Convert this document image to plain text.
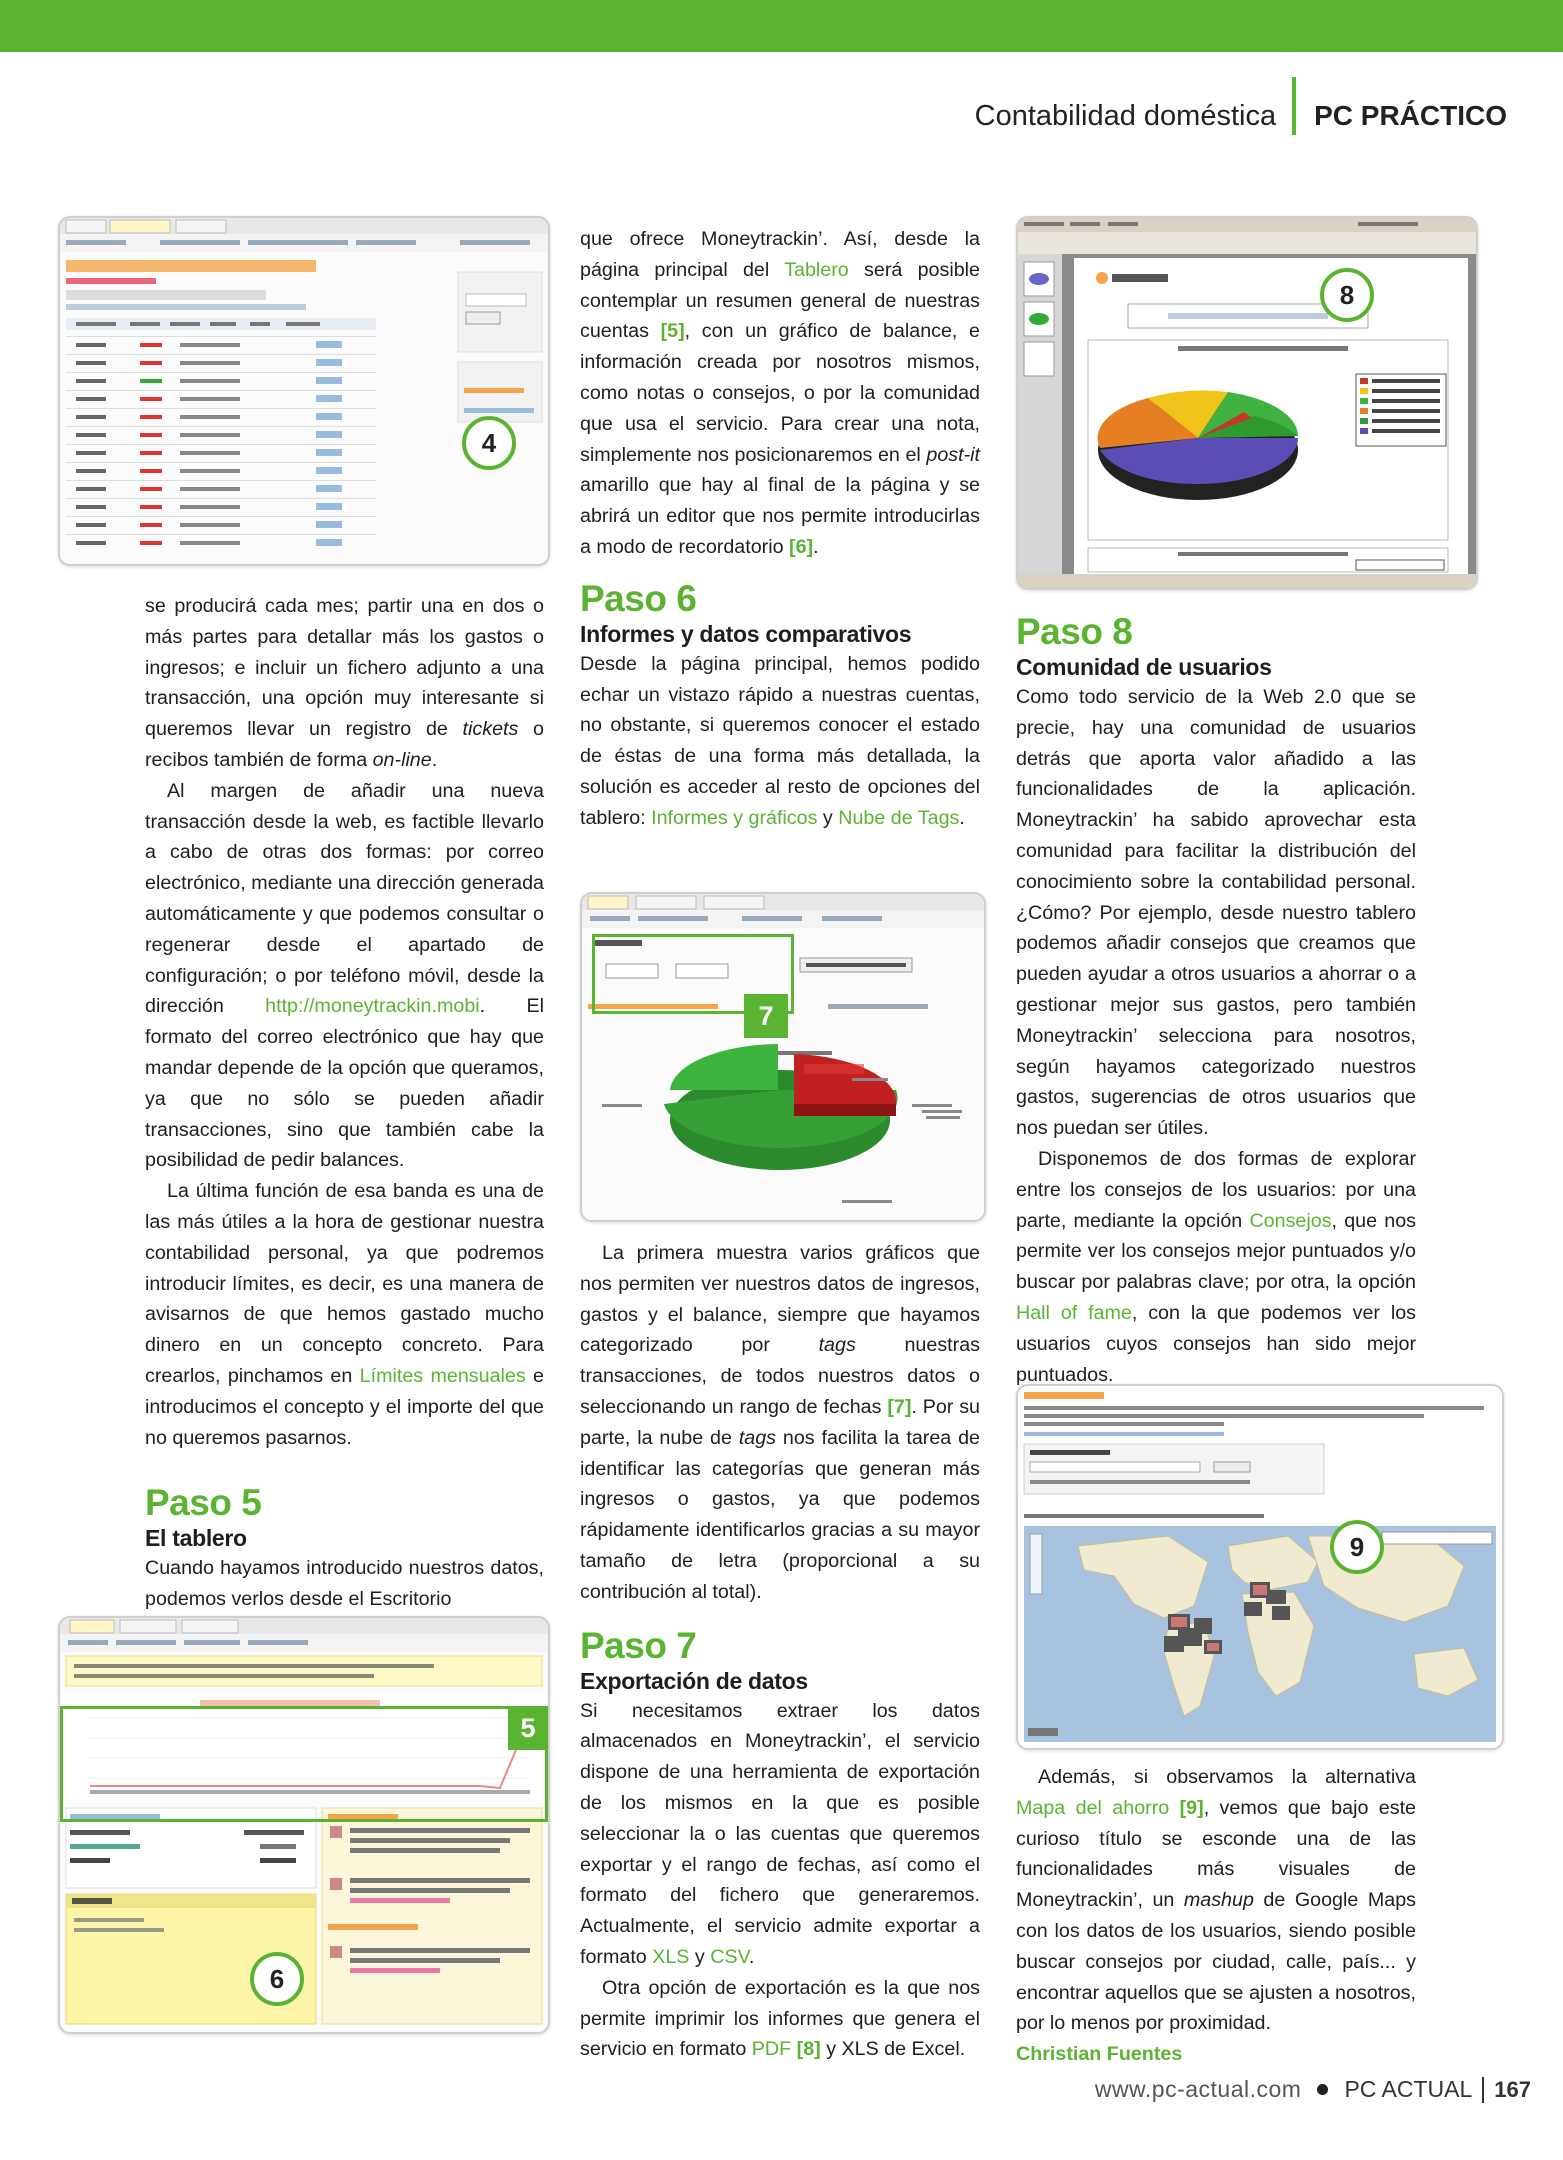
Contabilidad doméstica PC PRÁCTICO
4
5
6
7
8
9

se producirá cada mes; partir una en dos o más partes para detallar más los gastos o ingresos; e incluir un fichero adjunto a una transacción, una opción muy interesante si queremos llevar un registro de tickets o recibos también de forma on-line.

Al margen de añadir una nueva transacción desde la web, es factible llevarlo a cabo de otras dos formas: por correo electrónico, mediante una dirección generada automáticamente y que podemos consultar o regenerar desde el apartado de configuración; o por teléfono móvil, desde la dirección http://moneytrackin.mobi. El formato del correo electrónico que hay que mandar depende de la opción que queramos, ya que no sólo se pueden añadir transacciones, sino que también cabe la posibilidad de pedir balances.

La última función de esa banda es una de las más útiles a la hora de gestionar nuestra contabilidad personal, ya que podremos introducir límites, es decir, es una manera de avisarnos de que hemos gastado mucho dinero en un concepto concreto. Para crearlos, pinchamos en Límites mensuales e introducimos el concepto y el importe del que no queremos pasarnos.

Paso 5
El tablero

Cuando hayamos introducido nuestros datos, podemos verlos desde el Escritorio

que ofrece Moneytrackin’. Así, desde la página principal del Tablero será posible contemplar un resumen general de nuestras cuentas [5], con un gráfico de balance, e información creada por nosotros mismos, como notas o consejos, o por la comunidad que usa el servicio. Para crear una nota, simplemente nos posicionaremos en el post-it amarillo que hay al final de la página y se abrirá un editor que nos permite introducirlas a modo de recordatorio [6].

Paso 6
Informes y datos comparativos

Desde la página principal, hemos podido echar un vistazo rápido a nuestras cuentas, no obstante, si queremos conocer el estado de éstas de una forma más detallada, la solución es acceder al resto de opciones del tablero: Informes y gráficos y Nube de Tags.

La primera muestra varios gráficos que nos permiten ver nuestros datos de ingresos, gastos y el balance, siempre que hayamos categorizado por tags nuestras transacciones, de todos nuestros datos o seleccionando un rango de fechas [7]. Por su parte, la nube de tags nos facilita la tarea de identificar las categorías que generan más ingresos o gastos, ya que podemos rápidamente identificarlos gracias a su mayor tamaño de letra (proporcional a su contribución al total).

Paso 7
Exportación de datos

Si necesitamos extraer los datos almacenados en Moneytrackin’, el servicio dispone de una herramienta de exportación de los mismos en la que es posible seleccionar la o las cuentas que queremos exportar y el rango de fechas, así como el formato del fichero que generaremos. Actualmente, el servicio admite exportar a formato XLS y CSV.

Otra opción de exportación es la que nos permite imprimir los informes que genera el servicio en formato PDF [8] y XLS de Excel.

Paso 8
Comunidad de usuarios

Como todo servicio de la Web 2.0 que se precie, hay una comunidad de usuarios detrás que aporta valor añadido a las funcionalidades de la aplicación. Moneytrackin’ ha sabido aprovechar esta comunidad para facilitar la distribución del conocimiento sobre la contabilidad personal. ¿Cómo? Por ejemplo, desde nuestro tablero podemos añadir consejos que creamos que pueden ayudar a otros usuarios a ahorrar o a gestionar mejor sus gastos, pero también Moneytrackin’ selecciona para nosotros, según hayamos categorizado nuestros gastos, sugerencias de otros usuarios que nos puedan ser útiles.

Disponemos de dos formas de explorar entre los consejos de los usuarios: por una parte, mediante la opción Consejos, que nos permite ver los consejos mejor puntuados y/o buscar por palabras clave; por otra, la opción Hall of fame, con la que podemos ver los usuarios cuyos consejos han sido mejor puntuados.

Además, si observamos la alternativa Mapa del ahorro [9], vemos que bajo este curioso título se esconde una de las funcionalidades más visuales de Moneytrackin’, un mashup de Google Maps con los datos de los usuarios, siendo posible buscar consejos por ciudad, calle, país... y encontrar aquellos que se ajusten a nosotros, por lo menos por proximidad.

Christian Fuentes

www.pc-actual.com PC ACTUAL 167
